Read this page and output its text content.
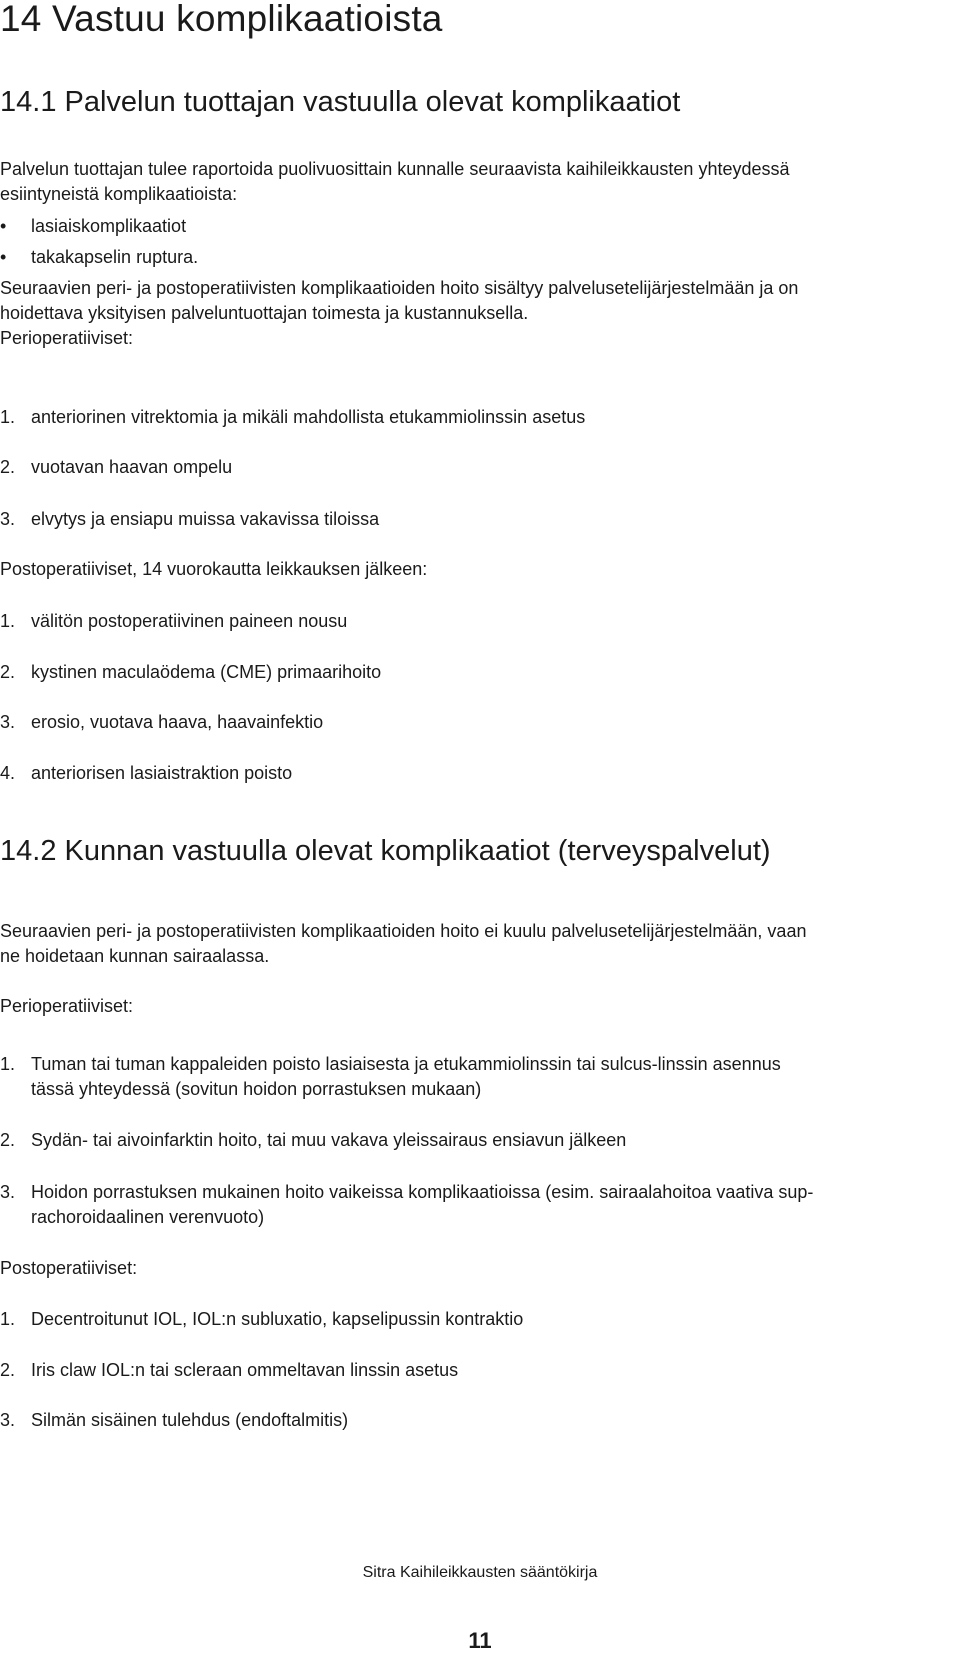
14 Vastuu komplikaatioista
14.1 Palvelun tuottajan vastuulla olevat komplikaatiot

Palvelun tuottajan tulee raportoida puolivuosittain kunnalle seuraavista kaihileikkausten yhteydessä

esiintyneistä komplikaatioista:

•	lasiaiskomplikaatiot
•	takakapselin ruptura.

Seuraavien peri- ja postoperatiivisten komplikaatioiden hoito sisältyy palvelusetelijärjestelmään ja on

hoidettava yksityisen palveluntuottajan toimesta ja kustannuksella.

Perioperatiiviset:

1. anteriorinen vitrektomia ja mikäli mahdollista etukammiolinssin asetus
2. vuotavan haavan ompelu
3. elvytys ja ensiapu muissa vakavissa tiloissa

Postoperatiiviset, 14 vuorokautta leikkauksen jälkeen:

1. välitön postoperatiivinen paineen nousu
2. kystinen maculaödema (CME) primaarihoito
3. erosio, vuotava haava, haavainfektio
4. anteriorisen lasiaistraktion poisto
14.2 Kunnan vastuulla olevat komplikaatiot (terveyspalvelut)

Seuraavien peri- ja postoperatiivisten komplikaatioiden hoito ei kuulu palvelusetelijärjestelmään, vaan

ne hoidetaan kunnan sairaalassa.

Perioperatiiviset:

1. Tuman tai tuman kappaleiden poisto lasiaisesta ja etukammiolinssin tai sulcus-linssin asennus
tässä yhteydessä (sovitun hoidon porrastuksen mukaan)
2. Sydän- tai aivoinfarktin hoito, tai muu vakava yleissairaus ensiavun jälkeen
3. Hoidon porrastuksen mukainen hoito vaikeissa komplikaatioissa (esim. sairaalahoitoa vaativa sup-
rachoroidaalinen verenvuoto)

Postoperatiiviset:

1. Decentroitunut IOL, IOL:n subluxatio, kapselipussin kontraktio
2. Iris claw IOL:n tai scleraan ommeltavan linssin asetus
3. Silmän sisäinen tulehdus (endoftalmitis)
Sitra Kaihileikkausten sääntökirja
11
